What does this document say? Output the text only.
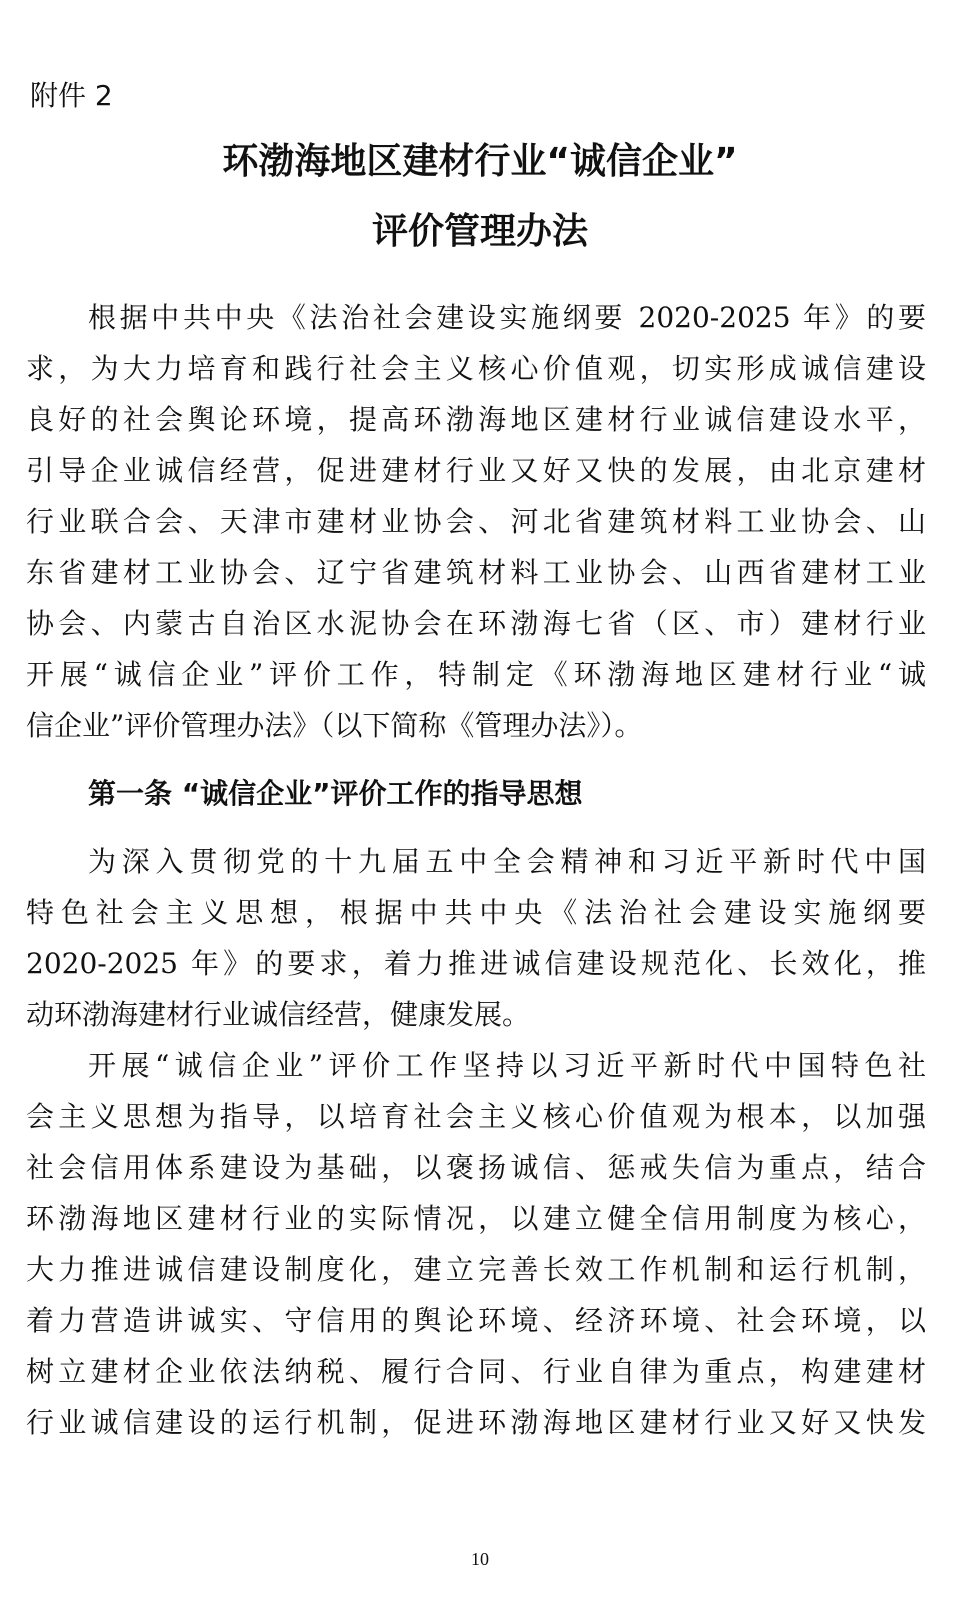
附件 2
环渤海地区建材行业“诚信企业”
评价管理办法
根据中共中央《法治社会建设实施纲要 2020-2025 年》的要
求，为大力培育和践行社会主义核心价值观，切实形成诚信建设
良好的社会舆论环境，提高环渤海地区建材行业诚信建设水平，
引导企业诚信经营，促进建材行业又好又快的发展，由北京建材
行业联合会、天津市建材业协会、河北省建筑材料工业协会、山
东省建材工业协会、辽宁省建筑材料工业协会、山西省建材工业
协会、内蒙古自治区水泥协会在环渤海七省（区、市）建材行业
开展“诚信企业”评价工作，特制定《环渤海地区建材行业“诚
信企业”评价管理办法》（以下简称《管理办法》）。
第一条 “诚信企业”评价工作的指导思想
为深入贯彻党的十九届五中全会精神和习近平新时代中国
特色社会主义思想，根据中共中央《法治社会建设实施纲要
2020-2025 年》的要求，着力推进诚信建设规范化、长效化，推
动环渤海建材行业诚信经营，健康发展。
开展“诚信企业”评价工作坚持以习近平新时代中国特色社
会主义思想为指导，以培育社会主义核心价值观为根本，以加强
社会信用体系建设为基础，以褒扬诚信、惩戒失信为重点，结合
环渤海地区建材行业的实际情况，以建立健全信用制度为核心，
大力推进诚信建设制度化，建立完善长效工作机制和运行机制，
着力营造讲诚实、守信用的舆论环境、经济环境、社会环境，以
树立建材企业依法纳税、履行合同、行业自律为重点，构建建材
行业诚信建设的运行机制，促进环渤海地区建材行业又好又快发
10
